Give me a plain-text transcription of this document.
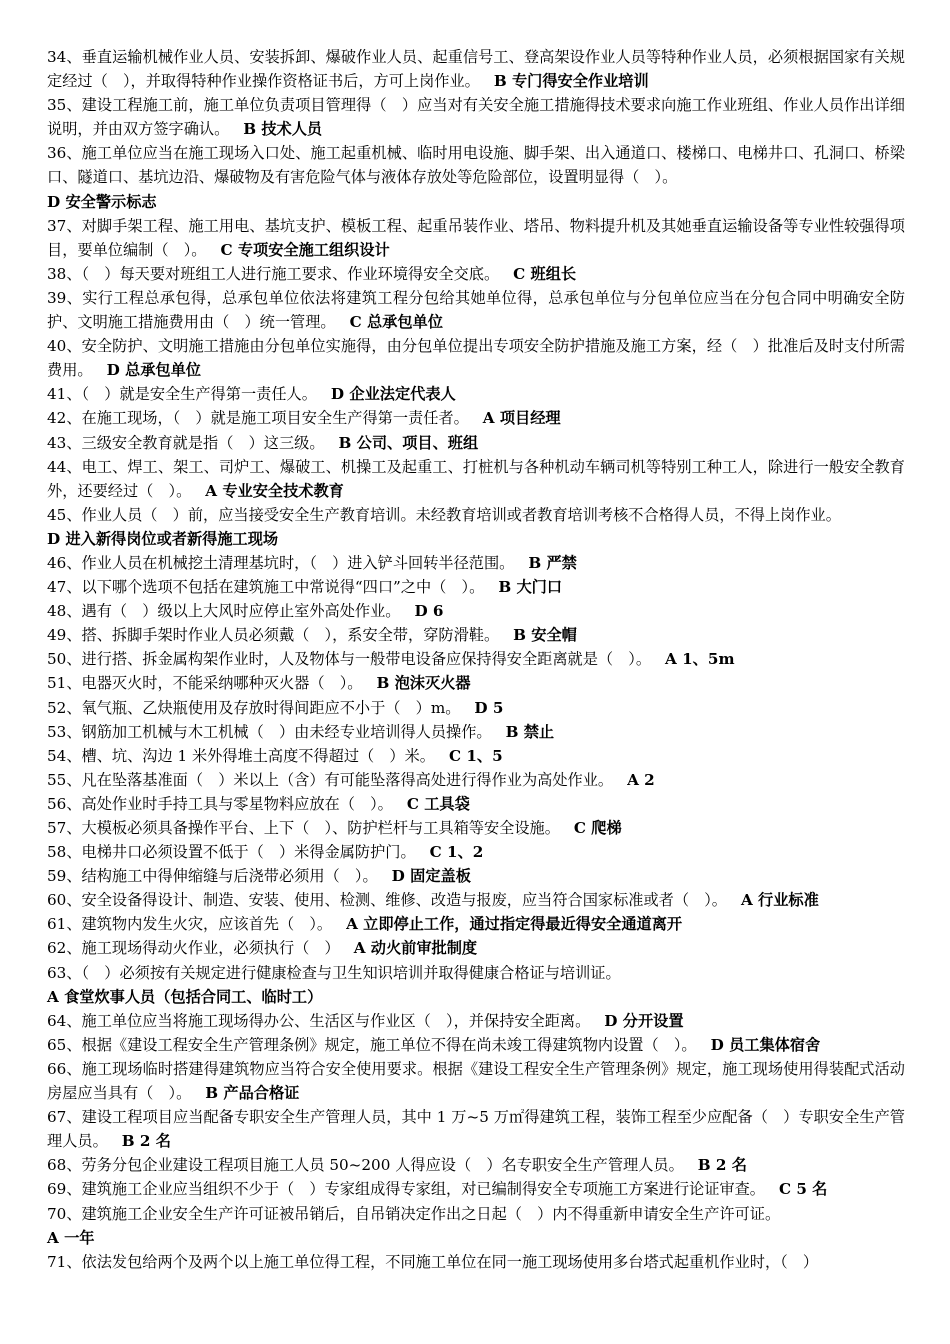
34、垂直运输机械作业人员、安装拆卸、爆破作业人员、起重信号工、登高架设作业人员等特种作业人员，必须根据国家有关规定经过（　），并取得特种作业操作资格证书后，方可上岗作业。 B 专门得安全作业培训

35、建设工程施工前，施工单位负责项目管理得（　）应当对有关安全施工措施得技术要求向施工作业班组、作业人员作出详细说明，并由双方签字确认。 B 技术人员

36、施工单位应当在施工现场入口处、施工起重机械、临时用电设施、脚手架、出入通道口、楼梯口、电梯井口、孔洞口、桥梁口、隧道口、基坑边沿、爆破物及有害危险气体与液体存放处等危险部位，设置明显得（　）。
D 安全警示标志

37、对脚手架工程、施工用电、基坑支护、模板工程、起重吊装作业、塔吊、物料提升机及其她垂直运输设备等专业性较强得项目，要单位编制（　）。 C 专项安全施工组织设计

38、（　）每天要对班组工人进行施工要求、作业环境得安全交底。 C 班组长

39、实行工程总承包得，总承包单位依法将建筑工程分包给其她单位得，总承包单位与分包单位应当在分包合同中明确安全防护、文明施工措施费用由（　）统一管理。 C 总承包单位

40、安全防护、文明施工措施由分包单位实施得，由分包单位提出专项安全防护措施及施工方案，经（　）批准后及时支付所需费用。 D 总承包单位

41、（　）就是安全生产得第一责任人。 D 企业法定代表人

42、在施工现场，（　）就是施工项目安全生产得第一责任者。 A 项目经理

43、三级安全教育就是指（　）这三级。 B 公司、项目、班组

44、电工、焊工、架工、司炉工、爆破工、机操工及起重工、打桩机与各种机动车辆司机等特别工种工人，除进行一般安全教育外，还要经过（　）。 A 专业安全技术教育

45、作业人员（　）前，应当接受安全生产教育培训。未经教育培训或者教育培训考核不合格得人员，不得上岗作业。
D 进入新得岗位或者新得施工现场

46、作业人员在机械挖土清理基坑时，（　）进入铲斗回转半径范围。 B 严禁

47、以下哪个选项不包括在建筑施工中常说得“四口”之中（　）。 B 大门口

48、遇有（　）级以上大风时应停止室外高处作业。 D 6

49、搭、拆脚手架时作业人员必须戴（　），系安全带，穿防滑鞋。 B 安全帽

50、进行搭、拆金属构架作业时，人及物体与一般带电设备应保持得安全距离就是（　）。 A 1、5m

51、电器灭火时，不能采纳哪种灭火器（　）。 B 泡沫灭火器

52、氧气瓶、乙炔瓶使用及存放时得间距应不小于（　）m。 D 5

53、钢筋加工机械与木工机械（　）由未经专业培训得人员操作。 B 禁止

54、槽、坑、沟边 1 米外得堆土高度不得超过（　）米。 C 1、5

55、凡在坠落基准面（　）米以上（含）有可能坠落得高处进行得作业为高处作业。 A 2

56、高处作业时手持工具与零星物料应放在（　）。 C 工具袋

57、大模板必须具备操作平台、上下（　）、防护栏杆与工具箱等安全设施。 C 爬梯

58、电梯井口必须设置不低于（　）米得金属防护门。 C 1、2

59、结构施工中得伸缩缝与后浇带必须用（　）。 D 固定盖板

60、安全设备得设计、制造、安装、使用、检测、维修、改造与报废，应当符合国家标准或者（　）。 A 行业标准

61、建筑物内发生火灾，应该首先（　）。 A 立即停止工作，通过指定得最近得安全通道离开

62、施工现场得动火作业，必须执行（　） A 动火前审批制度

63、（　）必须按有关规定进行健康检查与卫生知识培训并取得健康合格证与培训证。
A 食堂炊事人员（包括合同工、临时工）

64、施工单位应当将施工现场得办公、生活区与作业区（　），并保持安全距离。 D 分开设置

65、根据《建设工程安全生产管理条例》规定，施工单位不得在尚未竣工得建筑物内设置（　）。 D 员工集体宿舍

66、施工现场临时搭建得建筑物应当符合安全使用要求。根据《建设工程安全生产管理条例》规定，施工现场使用得装配式活动房屋应当具有（　）。 B 产品合格证

67、建设工程项目应当配备专职安全生产管理人员，其中 1 万~5 万㎡得建筑工程，装饰工程至少应配备（　）专职安全生产管理人员。 B 2 名

68、劳务分包企业建设工程项目施工人员 50~200 人得应设（　）名专职安全生产管理人员。 B 2 名

69、建筑施工企业应当组织不少于（　）专家组成得专家组，对已编制得安全专项施工方案进行论证审查。 C 5 名

70、建筑施工企业安全生产许可证被吊销后，自吊销决定作出之日起（　）内不得重新申请安全生产许可证。
A 一年

71、依法发包给两个及两个以上施工单位得工程，不同施工单位在同一施工现场使用多台塔式起重机作业时，（　）
